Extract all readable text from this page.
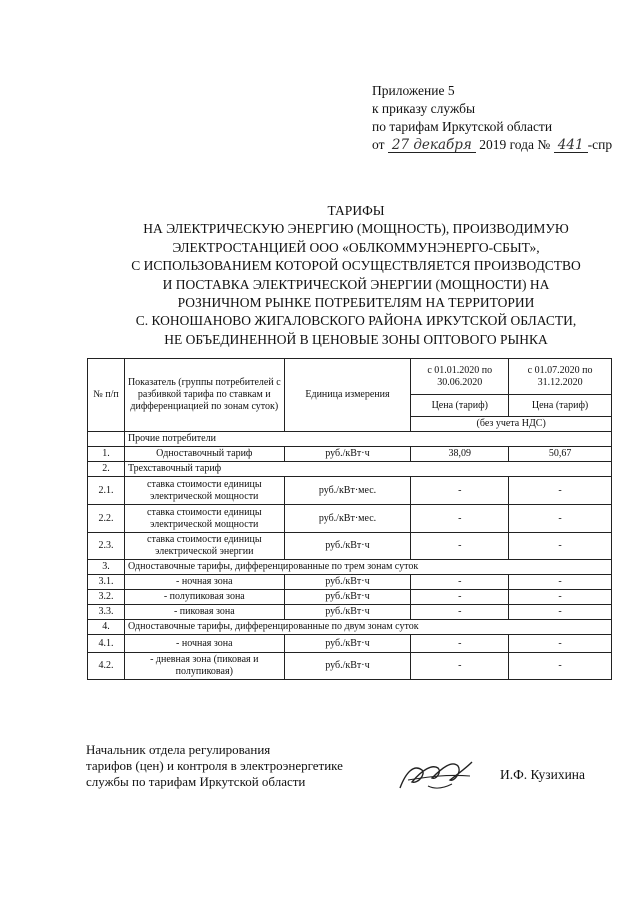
Приложение 5
к приказу службы
по тарифам Иркутской области
от 27 декабря 2019 года № 441 -спр
ТАРИФЫ
НА ЭЛЕКТРИЧЕСКУЮ ЭНЕРГИЮ (МОЩНОСТЬ), ПРОИЗВОДИМУЮ
ЭЛЕКТРОСТАНЦИЕЙ ООО «ОБЛКОММУНЭНЕРГО-СБЫТ»,
С ИСПОЛЬЗОВАНИЕМ КОТОРОЙ ОСУЩЕСТВЛЯЕТСЯ ПРОИЗВОДСТВО
И ПОСТАВКА ЭЛЕКТРИЧЕСКОЙ ЭНЕРГИИ (МОЩНОСТИ) НА
РОЗНИЧНОМ РЫНКЕ ПОТРЕБИТЕЛЯМ НА ТЕРРИТОРИИ
С. КОНОШАНОВО ЖИГАЛОВСКОГО РАЙОНА ИРКУТСКОЙ ОБЛАСТИ,
НЕ ОБЪЕДИНЕННОЙ В ЦЕНОВЫЕ ЗОНЫ ОПТОВОГО РЫНКА
№ п/п	Показатель (группы потребителей с разбивкой тарифа по ставкам и дифференциацией по зонам суток)	Единица измерения	с 01.01.2020 по 30.06.2020	с 01.07.2020 по 31.12.2020
			Цена (тариф)	Цена (тариф)
			(без учета НДС)	
	Прочие потребители			
1.	Одноставочный тариф	руб./кВт·ч	38,09	50,67
2.	Трехставочный тариф			
2.1.	ставка стоимости единицы электрической мощности	руб./кВт·мес.	-	-
2.2.	ставка стоимости единицы электрической мощности	руб./кВт·мес.	-	-
2.3.	ставка стоимости единицы электрической энергии	руб./кВт·ч	-	-
3.	Одноставочные тарифы, дифференцированные по трем зонам суток			
3.1.	- ночная зона	руб./кВт·ч	-	-
3.2.	- полупиковая зона	руб./кВт·ч	-	-
3.3.	- пиковая зона	руб./кВт·ч	-	-
4.	Одноставочные тарифы, дифференцированные по двум зонам суток			
4.1.	- ночная зона	руб./кВт·ч	-	-
4.2.	- дневная зона (пиковая и полупиковая)	руб./кВт·ч	-	-
Начальник отдела регулирования
тарифов (цен) и контроля в электроэнергетике
службы по тарифам Иркутской области	И.Ф. Кузихина
